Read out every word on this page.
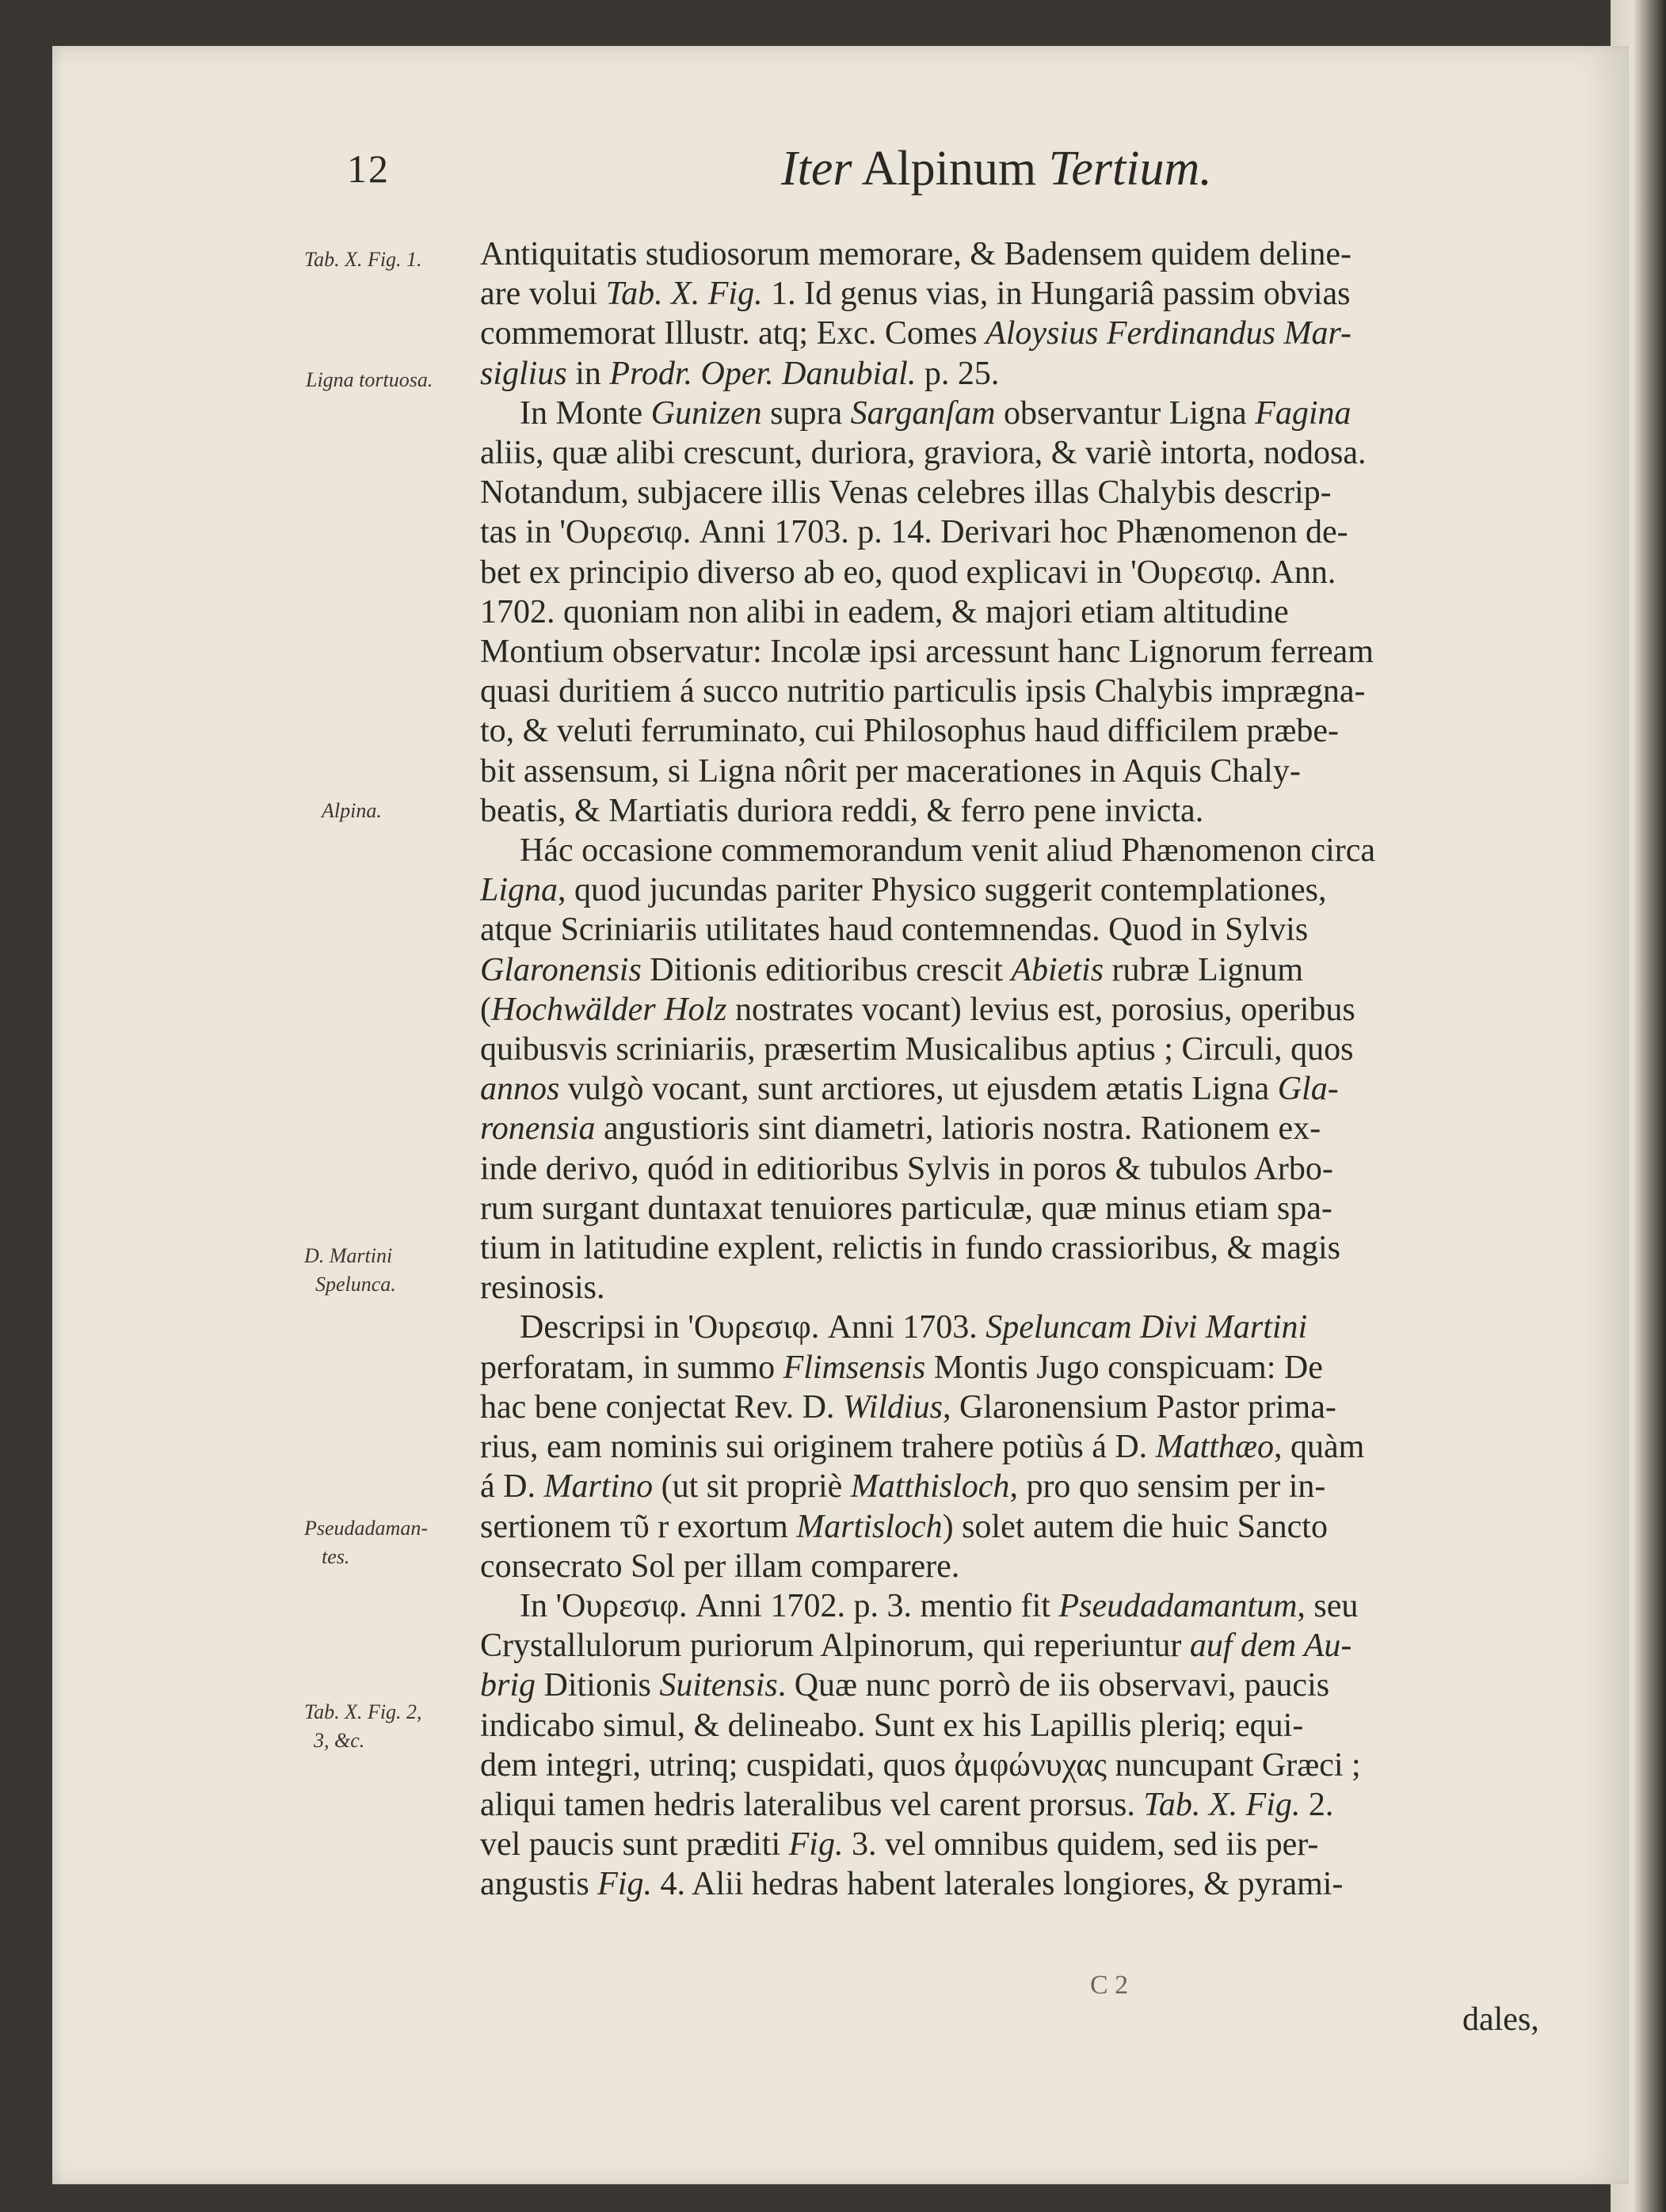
12	Iter Alpinum Tertium.
Tab. X. Fig. 1.
Ligna tortuosa.
Alpina.
D. Martini
Spelunca.
Pseudadaman-
tes.
Tab. X. Fig. 2,
3, &c.
Antiquitatis studiosorum memorare, & Badensem quidem deline-
are volui Tab. X. Fig. 1. Id genus vias, in Hungariâ passim obvias
commemorat Illustr. atq; Exc. Comes Aloysius Ferdinandus Mar-
siglius in Prodr. Oper. Danubial. p. 25.
In Monte Gunizen supra Sarganſam observantur Ligna Fagina
aliis, quæ alibi crescunt, duriora, graviora, & variè intorta, nodosa.
Notandum, subjacere illis Venas celebres illas Chalybis descrip-
tas in 'Ουρεσιφ. Anni 1703. p. 14. Derivari hoc Phænomenon de-
bet ex principio diverso ab eo, quod explicavi in 'Ουρεσιφ. Ann.
1702. quoniam non alibi in eadem, & majori etiam altitudine
Montium observatur: Incolæ ipsi arcessunt hanc Lignorum ferream
quasi duritiem á succo nutritio particulis ipsis Chalybis imprægna-
to, & veluti ferruminato, cui Philosophus haud difficilem præbe-
bit assensum, si Ligna nôrit per macerationes in Aquis Chaly-
beatis, & Martiatis duriora reddi, & ferro pene invicta.
Hác occasione commemorandum venit aliud Phænomenon circa
Ligna, quod jucundas pariter Physico suggerit contemplationes,
atque Scriniariis utilitates haud contemnendas. Quod in Sylvis
Glaronensis Ditionis editioribus crescit Abietis rubræ Lignum
(Hochwälder Holz nostrates vocant) levius est, porosius, operibus
quibusvis scriniariis, præsertim Musicalibus aptius ; Circuli, quos
annos vulgò vocant, sunt arctiores, ut ejusdem ætatis Ligna Gla-
ronensia angustioris sint diametri, latioris nostra. Rationem ex-
inde derivo, quód in editioribus Sylvis in poros & tubulos Arbo-
rum surgant duntaxat tenuiores particulæ, quæ minus etiam spa-
tium in latitudine explent, relictis in fundo crassioribus, & magis
resinosis.
Descripsi in 'Ουρεσιφ. Anni 1703. Speluncam Divi Martini
perforatam, in summo Flimsensis Montis Jugo conspicuam: De
hac bene conjectat Rev. D. Wildius, Glaronensium Pastor prima-
rius, eam nominis sui originem trahere potiùs á D. Matthæo, quàm
á D. Martino (ut sit propriè Matthisloch, pro quo sensim per in-
sertionem τῦ r exortum Martisloch) solet autem die huic Sancto
consecrato Sol per illam comparere.
In 'Ουρεσιφ. Anni 1702. p. 3. mentio fit Pseudadamantum, seu
Crystallulorum puriorum Alpinorum, qui reperiuntur auf dem Au-
brig Ditionis Suitensis. Quæ nunc porrò de iis observavi, paucis
indicabo simul, & delineabo. Sunt ex his Lapillis pleriq; equi-
dem integri, utrinq; cuspidati, quos ἀμφώνυχας nuncupant Græci ;
aliqui tamen hedris lateralibus vel carent prorsus. Tab. X. Fig. 2.
vel paucis sunt præditi Fig. 3. vel omnibus quidem, sed iis per-
angustis Fig. 4. Alii hedras habent laterales longiores, & pyrami-
C 2
dales,
